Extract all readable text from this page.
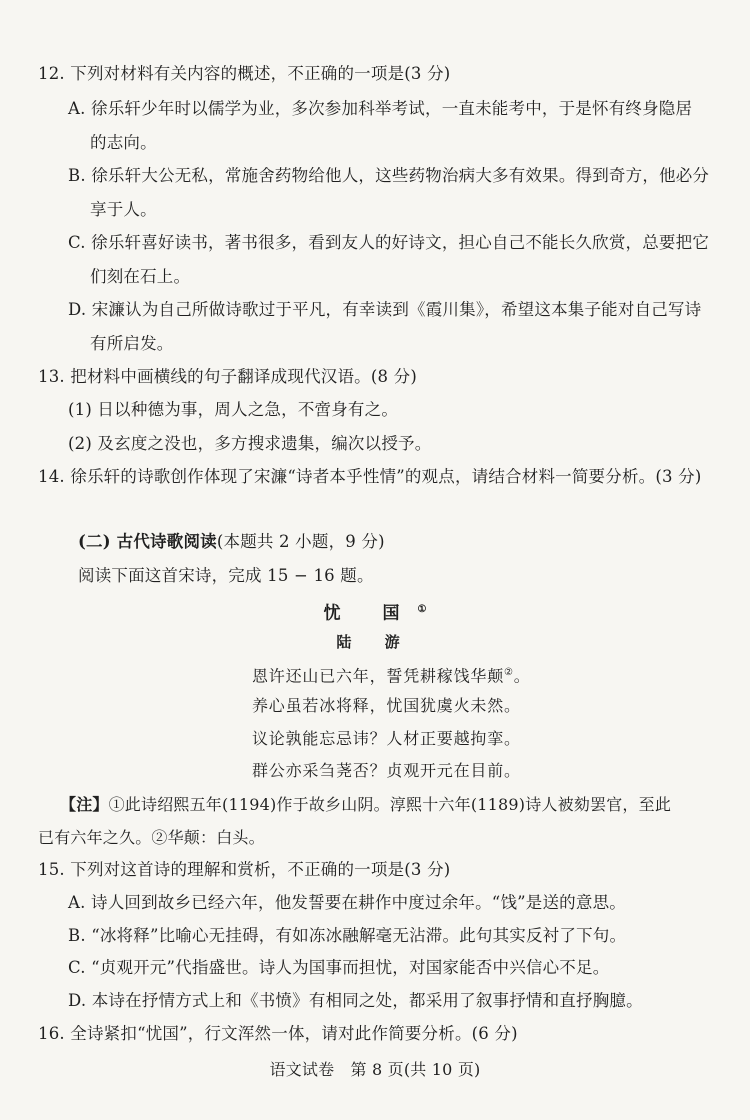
12. 下列对材料有关内容的概述，不正确的一项是(3 分)
A. 徐乐轩少年时以儒学为业，多次参加科举考试，一直未能考中，于是怀有终身隐居
的志向。
B. 徐乐轩大公无私，常施舍药物给他人，这些药物治病大多有效果。得到奇方，他必分
享于人。
C. 徐乐轩喜好读书，著书很多，看到友人的好诗文，担心自己不能长久欣赏，总要把它
们刻在石上。
D. 宋濂认为自己所做诗歌过于平凡，有幸读到《霞川集》，希望这本集子能对自己写诗
有所启发。
13. 把材料中画横线的句子翻译成现代汉语。(8 分)
(1) 日以种德为事，周人之急，不啻身有之。
(2) 及玄度之没也，多方搜求遗集，编次以授予。
14. 徐乐轩的诗歌创作体现了宋濂“诗者本乎性情”的观点，请结合材料一简要分析。(3 分)
(二) 古代诗歌阅读(本题共 2 小题，9 分)
阅读下面这首宋诗，完成 15 − 16 题。
忧 国①
陆 游
恩许还山已六年，誓凭耕稼饯华颠②。
养心虽若冰将释，忧国犹虞火未然。
议论孰能忘忌讳？人材正要越拘挛。
群公亦采刍荛否？贞观开元在目前。
【注】①此诗绍熙五年(1194)作于故乡山阴。淳熙十六年(1189)诗人被劾罢官，至此
已有六年之久。②华颠：白头。
15. 下列对这首诗的理解和赏析，不正确的一项是(3 分)
A. 诗人回到故乡已经六年，他发誓要在耕作中度过余年。“饯”是送的意思。
B. “冰将释”比喻心无挂碍，有如冻冰融解毫无沾滞。此句其实反衬了下句。
C. “贞观开元”代指盛世。诗人为国事而担忧，对国家能否中兴信心不足。
D. 本诗在抒情方式上和《书愤》有相同之处，都采用了叙事抒情和直抒胸臆。
16. 全诗紧扣“忧国”，行文浑然一体，请对此作简要分析。(6 分)
语文试卷　第 8 页(共 10 页)
